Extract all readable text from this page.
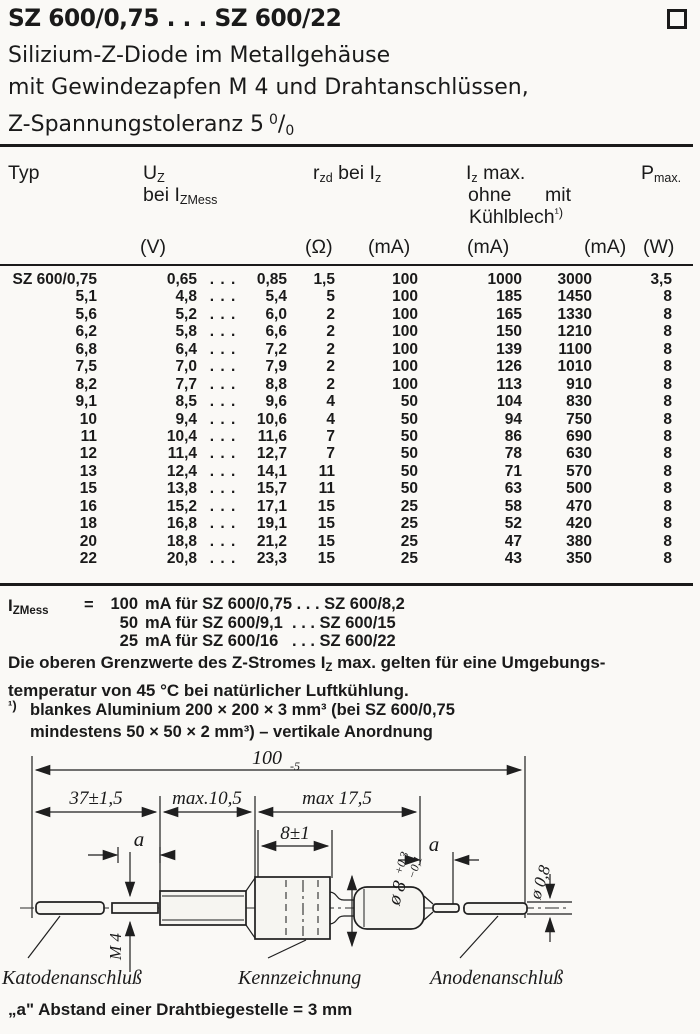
SZ 600/0,75 . . . SZ 600/22
Silizium-Z-Diode im Metallgehäuse
mit Gewindezapfen M 4 und Drahtanschlüssen,
Z-Spannungstoleranz 5 $^0/_0$
Typ	$U_Z$
bei $I_{ZMess}$
$r_{zd}$ bei $I_z$	$I_z$ max.
ohne mit
Kühlblech$^{^1)}$
$P_{max.}$
(V)	(Ω) (mA)	(mA)	(mA) (W)
SZ 600/0,75	0,65 . . .	0,85	1,5	100	1000	3000	3,5
5,1	4,8 . . .	5,4	5	100	185	1450	8
5,6	5,2 . . .	6,0	2	100	165	1330	8
6,2	5,8 . . .	6,6	2	100	150	1210	8
6,8	6,4 . . .	7,2	2	100	139	1100	8
7,5	7,0 . . .	7,9	2	100	126	1010	8
8,2	7,7 . . .	8,8	2	100	113	910	8
9,1	8,5 . . .	9,6	4	50	104	830	8
10	9,4 . . .	10,6	4	50	94	750	8
11	10,4 . . .	11,6	7	50	86	690	8
12	11,4 . . .	12,7	7	50	78	630	8
13	12,4 . . .	14,1	11	50	71	570	8
15	13,8 . . .	15,7	11	50	63	500	8
16	15,2 . . .	17,1	15	25	58	470	8
18	16,8 . . .	19,1	15	25	52	420	8
20	18,8 . . .	21,2	15	25	47	380	8
22	20,8 . . .	23,3	15	25	43	350	8
$I_{ZMess}$ =	100 mA für SZ 600/0,75 . . . SZ 600/8,2
50 mA für SZ 600/9,1  . . . SZ 600/15
25 mA für SZ 600/16   . . . SZ 600/22
Die oberen Grenzwerte des Z-Stromes $I_Z$ max. gelten für eine Umgebungs-
temperatur von 45 °C bei natürlicher Luftkühlung.
¹) blankes Aluminium 200 × 200 × 3 mm³ (bei SZ 600/0,75
mindestens 50 × 50 × 2 mm³) – vertikale Anordnung
100 -5
37±1,5	max.10,5	max 17,5
8±1
a	a
ø 8
+0,3
−0,1	ø 0,8
M 4
Katodenanschluß	Kennzeichnung	Anodenanschluß
„a" Abstand einer Drahtbiegestelle = 3 mm
